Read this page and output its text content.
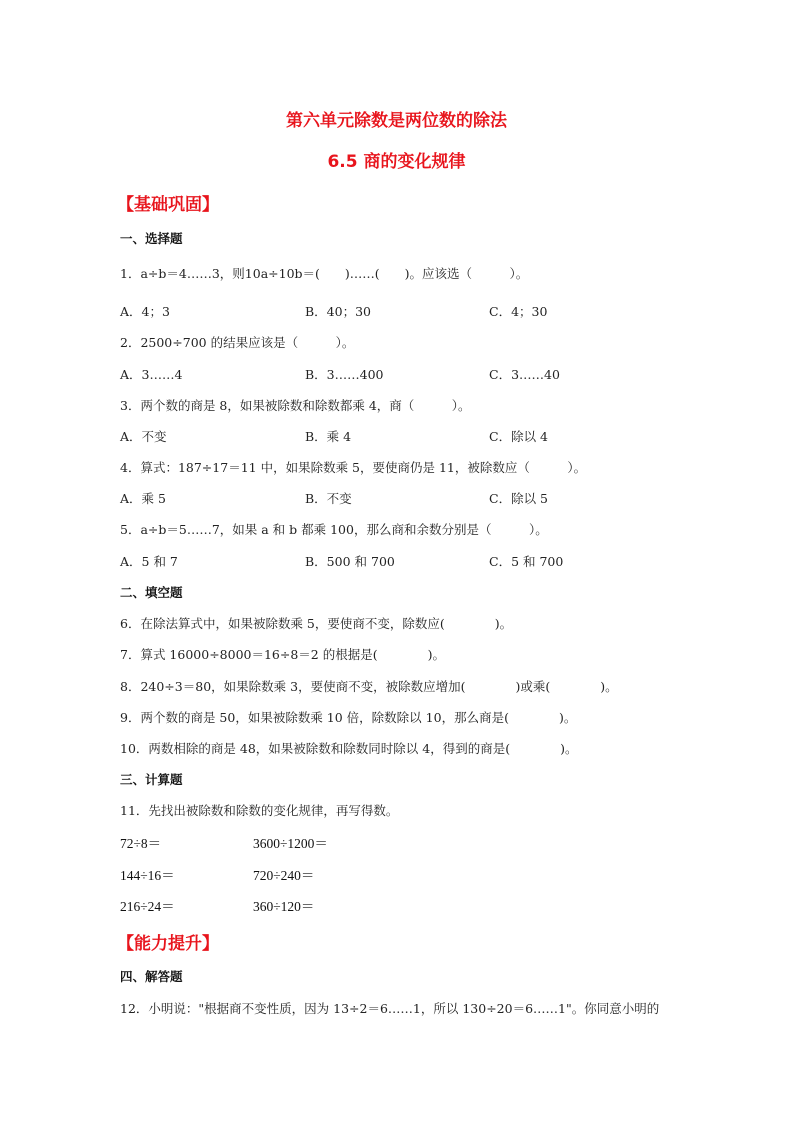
第六单元除数是两位数的除法
6.5 商的变化规律
【基础巩固】
一、选择题
1．a÷b＝4……3，则10a÷10b＝(　　)……(　　)。应该选（　　　）。
A．4；3	B．40；30	C．4；30
2．2500÷700 的结果应该是（　　　）。
A．3……4	B．3……400	C．3……40
3．两个数的商是 8，如果被除数和除数都乘 4，商（　　　）。
A．不变	B．乘 4	C．除以 4
4．算式：187÷17＝11 中，如果除数乘 5，要使商仍是 11，被除数应（　　　）。
A．乘 5	B．不变	C．除以 5
5．a÷b＝5……7，如果 a 和 b 都乘 100，那么商和余数分别是（　　　）。
A．5 和 7	B．500 和 700	C．5 和 700
二、填空题
6．在除法算式中，如果被除数乘 5，要使商不变，除数应(　　　　)。
7．算式 16000÷8000＝16÷8＝2 的根据是(　　　　)。
8．240÷3＝80，如果除数乘 3，要使商不变，被除数应增加(　　　　)或乘(　　　　)。
9．两个数的商是 50，如果被除数乘 10 倍，除数除以 10，那么商是(　　　　)。
10．两数相除的商是 48，如果被除数和除数同时除以 4，得到的商是(　　　　)。
三、计算题
11．先找出被除数和除数的变化规律，再写得数。
72÷8＝	3600÷1200＝
144÷16＝	720÷240＝
216÷24＝	360÷120＝
【能力提升】
四、解答题
12．小明说："根据商不变性质，因为 13÷2＝6……1，所以 130÷20＝6……1"。你同意小明的
